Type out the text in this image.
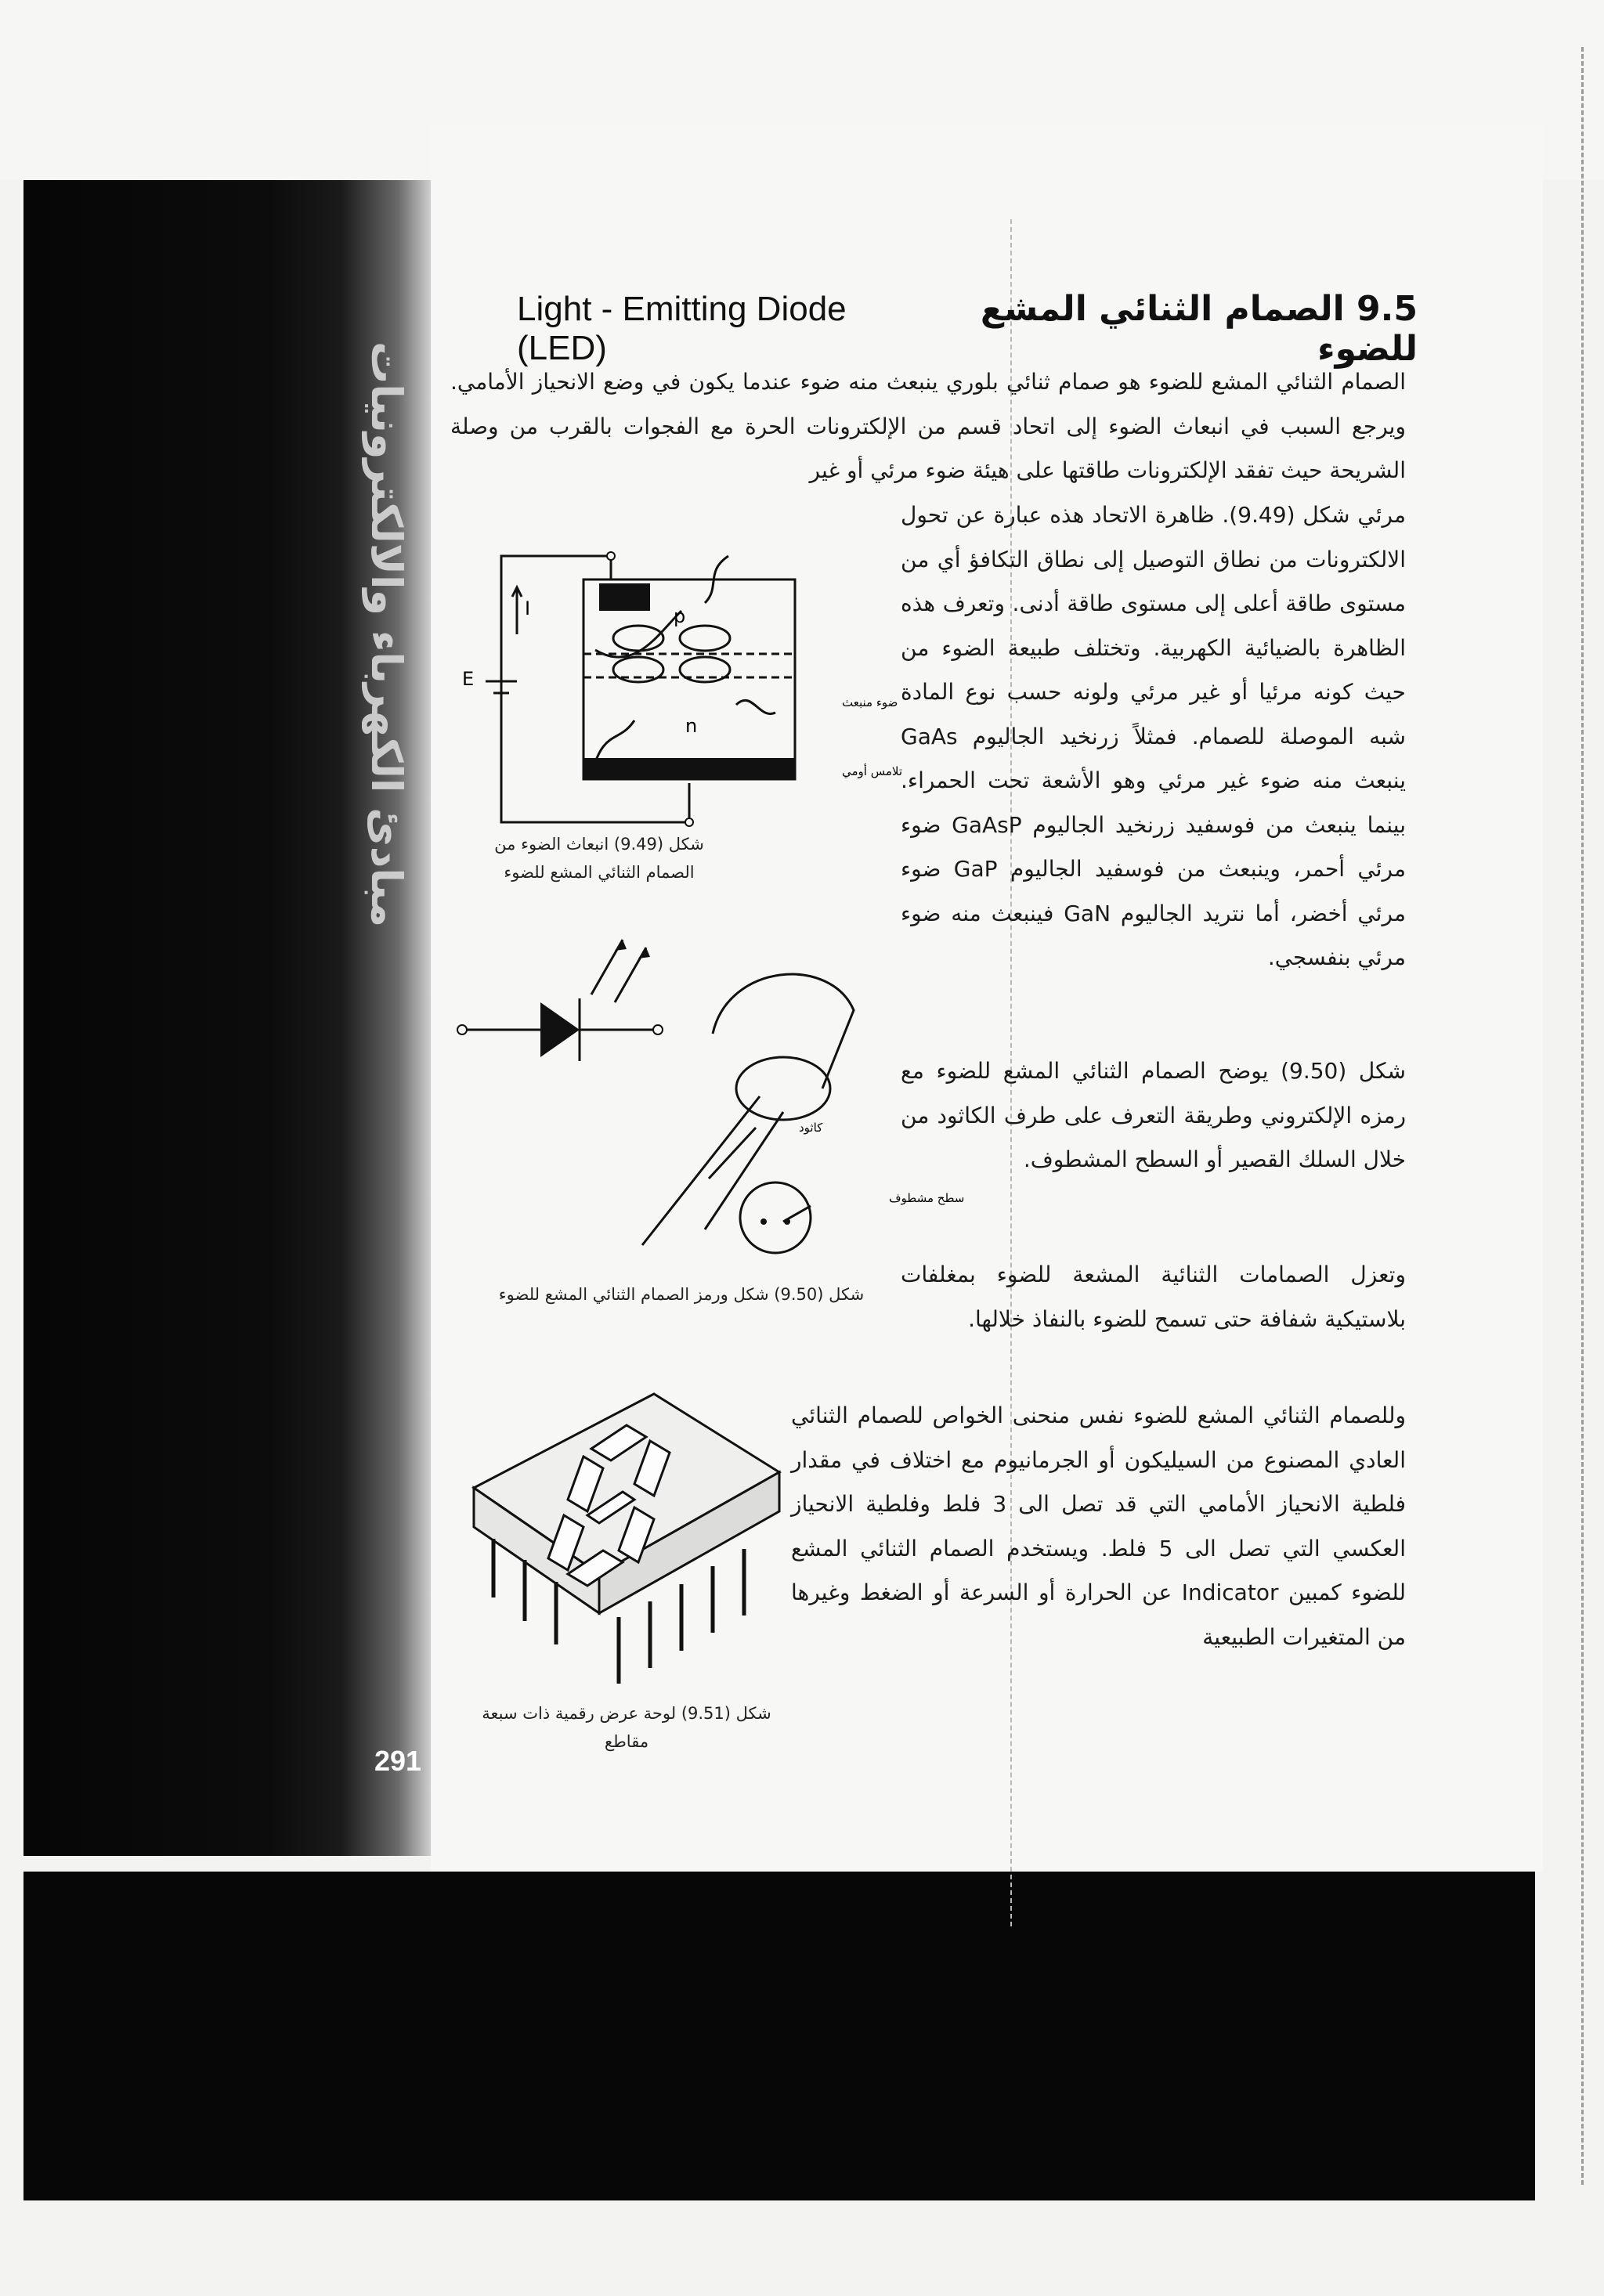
مبادئ الكهرباء والالكترونيات
291
Light - Emitting Diode (LED)
9.5 الصمام الثنائي المشع للضوء
الصمام الثنائي المشع للضوء هو صمام ثنائي بلوري ينبعث منه ضوء عندما يكون في وضع الانحياز الأمامي. ويرجع السبب في انبعاث الضوء إلى اتحاد قسم من الإلكترونات الحرة مع الفجوات بالقرب من وصلة الشريحة حيث تفقد الإلكترونات طاقتها على هيئة ضوء مرئي أو غير
مرئي شكل (9.49). ظاهرة الاتحاد هذه عبارة عن تحول الالكترونات من نطاق التوصيل إلى نطاق التكافؤ أي من مستوى طاقة أعلى إلى مستوى طاقة أدنى. وتعرف هذه الظاهرة بالضيائية الكهربية. وتختلف طبيعة الضوء من حيث كونه مرئيا أو غير مرئي ولونه حسب نوع المادة شبه الموصلة للصمام. فمثلاً زرنخيد الجاليوم GaAs ينبعث منه ضوء غير مرئي وهو الأشعة تحت الحمراء. بينما ينبعث من فوسفيد زرنخيد الجاليوم GaAsP ضوء مرئي أحمر، وينبعث من فوسفيد الجاليوم GaP ضوء مرئي أخضر، أما نتريد الجاليوم GaN فينبعث منه ضوء مرئي بنفسجي.
شكل (9.50) يوضح الصمام الثنائي المشع للضوء مع رمزه الإلكتروني وطريقة التعرف على طرف الكاثود من خلال السلك القصير أو السطح المشطوف.
وتعزل الصمامات الثنائية المشعة للضوء بمغلفات بلاستيكية شفافة حتى تسمح للضوء بالنفاذ خلالها.
وللصمام الثنائي المشع للضوء نفس منحنى الخواص للصمام الثنائي العادي المصنوع من السيليكون أو الجرمانيوم مع اختلاف في مقدار فلطية الانحياز الأمامي التي قد تصل الى 3 فلط وفلطية الانحياز العكسي التي تصل الى 5 فلط. ويستخدم الصمام الثنائي المشع للضوء كمبين Indicator عن الحرارة أو السرعة أو الضغط وغيرها من المتغيرات الطبيعية
I
E
p
n
ضوء منبعث
تلامس أومي
شكل (9.49) انبعاث الضوء من الصمام الثنائي المشع للضوء
كاثود
سطح مشطوف
شكل (9.50) شكل ورمز الصمام الثنائي المشع للضوء
شكل (9.51) لوحة عرض رقمية ذات سبعة مقاطع
